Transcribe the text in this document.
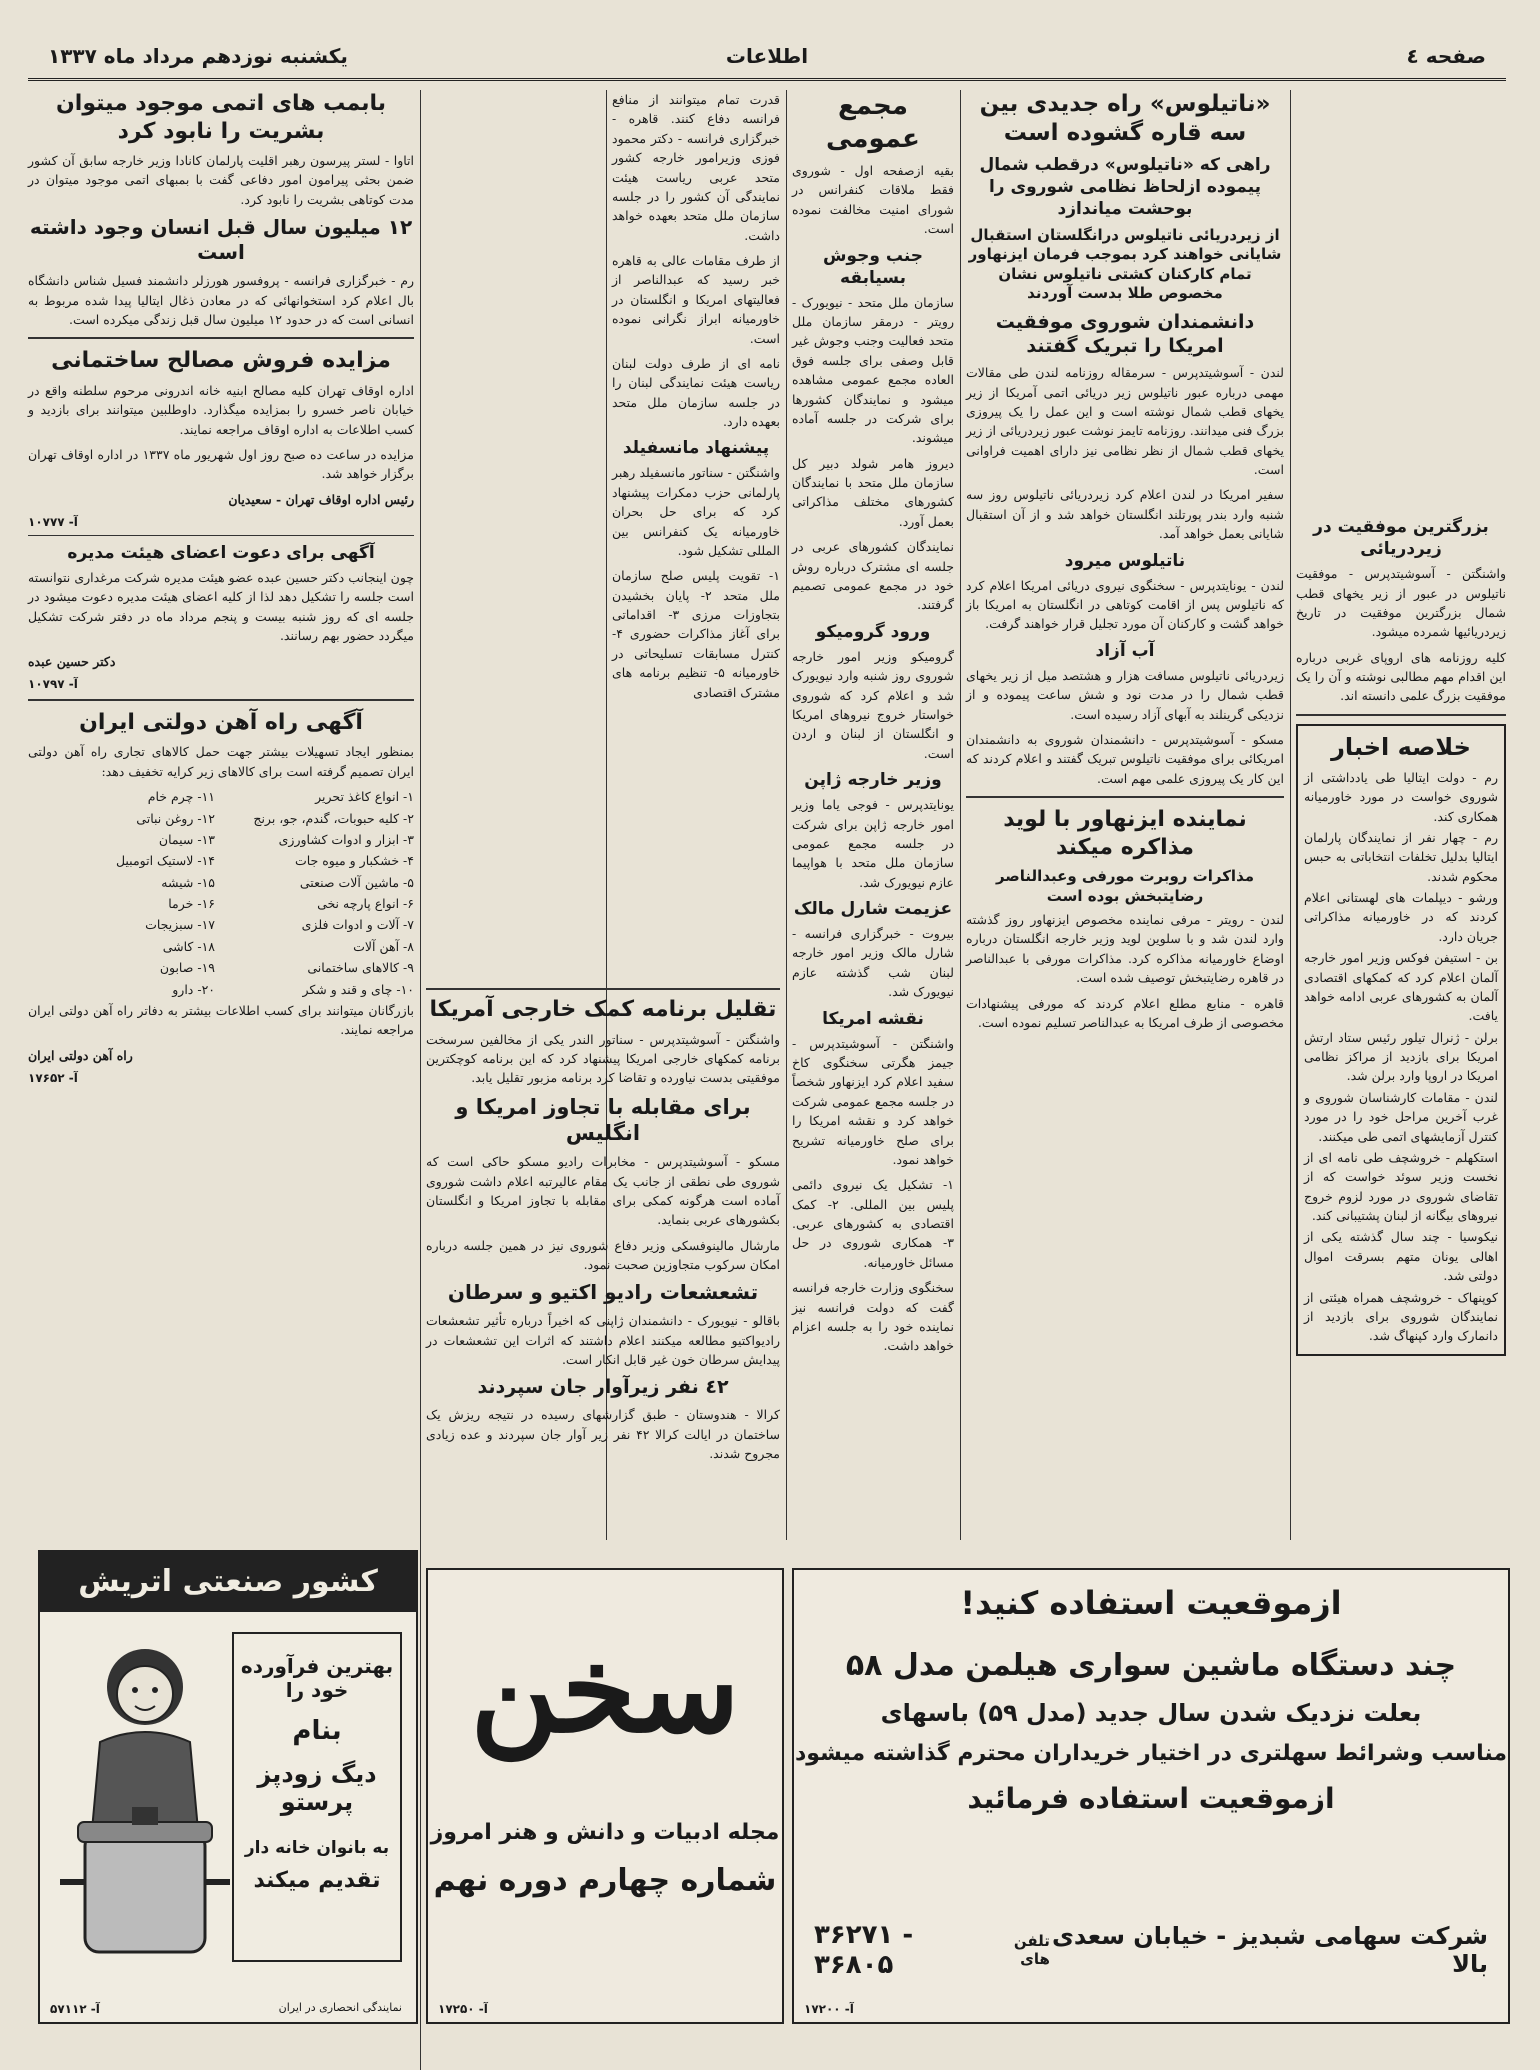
صفحه ٤
اطلاعات
یکشنبه نوزدهم مرداد ماه ۱۳۳۷
بزرگترین موفقیت در زیردریائی

واشنگتن - آسوشیتدپرس - موفقیت ناتیلوس در عبور از زیر یخهای قطب شمال بزرگترین موفقیت در تاریخ زیردریائیها شمرده میشود.

کلیه روزنامه های اروپای غربی درباره این اقدام مهم مطالبی نوشته و آن را یک موفقیت بزرگ علمی دانسته اند.

خلاصه اخبار

رم - دولت ایتالیا طی یادداشتی از شوروی خواست در مورد خاورمیانه همکاری کند.

رم - چهار نفر از نمایندگان پارلمان ایتالیا بدلیل تخلفات انتخاباتی به حبس محکوم شدند.

ورشو - دیپلمات های لهستانی اعلام کردند که در خاورمیانه مذاکراتی جریان دارد.

بن - استیفن فوکس وزیر امور خارجه آلمان اعلام کرد که کمکهای اقتصادی آلمان به کشورهای عربی ادامه خواهد یافت.

برلن - ژنرال تیلور رئیس ستاد ارتش امریکا برای بازدید از مراکز نظامی امریکا در اروپا وارد برلن شد.

لندن - مقامات کارشناسان شوروی و غرب آخرین مراحل خود را در مورد کنترل آزمایشهای اتمی طی میکنند.

استکهلم - خروشچف طی نامه ای از نخست وزیر سوئد خواست که از تقاضای شوروی در مورد لزوم خروج نیروهای بیگانه از لبنان پشتیبانی کند.

نیکوسیا - چند سال گذشته یکی از اهالی یونان متهم بسرقت اموال دولتی شد.

کوپنهاک - خروشچف همراه هیئتی از نمایندگان شوروی برای بازدید از دانمارک وارد کپنهاگ شد.

«ناتیلوس» راه جدیدی بین سه قاره گشوده است
راهی که «ناتیلوس» درقطب شمال پیموده ازلحاظ نظامی شوروی را بوحشت میاندازد
از زیردریائی ناتیلوس درانگلستان استقبال شایانی خواهند کرد بموجب فرمان ایزنهاور تمام کارکنان کشتی ناتیلوس نشان مخصوص طلا بدست آوردند
دانشمندان شوروی موفقیت امریکا را تبریک گفتند

لندن - آسوشیتدپرس - سرمقاله روزنامه لندن طی مقالات مهمی درباره عبور ناتیلوس زیر دریائی اتمی آمریکا از زیر یخهای قطب شمال نوشته است و این عمل را یک پیروزی بزرگ فنی میدانند. روزنامه تایمز نوشت عبور زیردریائی از زیر یخهای قطب شمال از نظر نظامی نیز دارای اهمیت فراوانی است.

سفیر امریکا در لندن اعلام کرد زیردریائی ناتیلوس روز سه شنبه وارد بندر پورتلند انگلستان خواهد شد و از آن استقبال شایانی بعمل خواهد آمد.

ناتیلوس میرود

لندن - یونایتدپرس - سخنگوی نیروی دریائی امریکا اعلام کرد که ناتیلوس پس از اقامت کوتاهی در انگلستان به امریکا باز خواهد گشت و کارکنان آن مورد تجلیل قرار خواهند گرفت.

آب آزاد

زیردریائی ناتیلوس مسافت هزار و هشتصد میل از زیر یخهای قطب شمال را در مدت نود و شش ساعت پیموده و از نزدیکی گرینلند به آبهای آزاد رسیده است.

مسکو - آسوشیتدپرس - دانشمندان شوروی به دانشمندان امریکائی برای موفقیت ناتیلوس تبریک گفتند و اعلام کردند که این کار یک پیروزی علمی مهم است.

نماینده ایزنهاور با لوید مذاکره میکند
مذاکرات روبرت مورفی وعبدالناصر رضایتبخش بوده است

لندن - رویتر - مرفی نماینده مخصوص ایزنهاور روز گذشته وارد لندن شد و با سلوین لوید وزیر خارجه انگلستان درباره اوضاع خاورمیانه مذاکره کرد. مذاکرات مورفی با عبدالناصر در قاهره رضایتبخش توصیف شده است.

قاهره - منابع مطلع اعلام کردند که مورفی پیشنهادات مخصوصی از طرف امریکا به عبدالناصر تسلیم نموده است.

مجمع عمومی

بقیه ازصفحه اول - شوروی فقط ملاقات کنفرانس در شورای امنیت مخالفت نموده است.

جنب وجوش بسیابقه

سازمان ملل متحد - نیویورک - رویتر - درمقر سازمان ملل متحد فعالیت وجنب وجوش غیر قابل وصفی برای جلسه فوق العاده مجمع عمومی مشاهده میشود و نمایندگان کشورها برای شرکت در جلسه آماده میشوند.

دیروز هامر شولد دبیر کل سازمان ملل متحد با نمایندگان کشورهای مختلف مذاکراتی بعمل آورد.

نمایندگان کشورهای عربی در جلسه ای مشترک درباره روش خود در مجمع عمومی تصمیم گرفتند.

ورود گرومیکو

گرومیکو وزیر امور خارجه شوروی روز شنبه وارد نیویورک شد و اعلام کرد که شوروی خواستار خروج نیروهای امریکا و انگلستان از لبنان و اردن است.

وزیر خارجه ژاپن

یونایتدپرس - فوجی یاما وزیر امور خارجه ژاپن برای شرکت در جلسه مجمع عمومی سازمان ملل متحد با هواپیما عازم نیویورک شد.

عزیمت شارل مالک

بیروت - خبرگزاری فرانسه - شارل مالک وزیر امور خارجه لبنان شب گذشته عازم نیویورک شد.

نقشه امریکا

واشنگتن - آسوشیتدپرس - جیمز هگرتی سخنگوی کاخ سفید اعلام کرد ایزنهاور شخصاً در جلسه مجمع عمومی شرکت خواهد کرد و نقشه امریکا را برای صلح خاورمیانه تشریح خواهد نمود.

۱- تشکیل یک نیروی دائمی پلیس بین المللی. ۲- کمک اقتصادی به کشورهای عربی. ۳- همکاری شوروی در حل مسائل خاورمیانه.

سخنگوی وزارت خارجه فرانسه گفت که دولت فرانسه نیز نماینده خود را به جلسه اعزام خواهد داشت.

قدرت تمام میتوانند از منافع فرانسه دفاع کنند. قاهره - خبرگزاری فرانسه - دکتر محمود فوزی وزیرامور خارجه کشور متحد عربی ریاست هیئت نمایندگی آن کشور را در جلسه سازمان ملل متحد بعهده خواهد داشت.

از طرف مقامات عالی به قاهره خبر رسید که عبدالناصر از فعالیتهای امریکا و انگلستان در خاورمیانه ابراز نگرانی نموده است.

نامه ای از طرف دولت لبنان ریاست هیئت نمایندگی لبنان را در جلسه سازمان ملل متحد بعهده دارد.

پیشنهاد مانسفیلد

واشنگتن - سناتور مانسفیلد رهبر پارلمانی حزب دمکرات پیشنهاد کرد که برای حل بحران خاورمیانه یک کنفرانس بین المللی تشکیل شود.

۱- تقویت پلیس صلح سازمان ملل متحد ۲- پایان بخشیدن بتجاوزات مرزی ۳- اقداماتی برای آغاز مذاکرات حضوری ۴- کنترل مسابقات تسلیحاتی در خاورمیانه ۵- تنظیم برنامه های مشترک اقتصادی

تقلیل برنامه کمک خارجی آمریکا

واشنگتن - آسوشیتدپرس - سناتور الندر یکی از مخالفین سرسخت برنامه کمکهای خارجی امریکا پیشنهاد کرد که این برنامه کوچکترین موفقیتی بدست نیاورده و تقاضا کرد برنامه مزبور تقلیل یابد.

برای مقابله با تجاوز امریکا و انگلیس

مسکو - آسوشیتدپرس - مخابرات رادیو مسکو حاکی است که شوروی طی نطقی از جانب یک مقام عالیرتبه اعلام داشت شوروی آماده است هرگونه کمکی برای مقابله با تجاوز امریکا و انگلستان بکشورهای عربی بنماید.

مارشال مالینوفسکی وزیر دفاع شوروی نیز در همین جلسه درباره امکان سرکوب متجاوزین صحبت نمود.

تشعشعات رادیو اکتیو و سرطان

باقالو - نیویورک - دانشمندان ژاپنی که اخیراً درباره تأثیر تشعشعات رادیواکتیو مطالعه میکنند اعلام داشتند که اثرات این تشعشعات در پیدایش سرطان خون غیر قابل انکار است.

٤٢ نفر زیرآوار جان سپردند

کرالا - هندوستان - طبق گزارشهای رسیده در نتیجه ریزش یک ساختمان در ایالت کرالا ۴۲ نفر زیر آوار جان سپردند و عده زیادی مجروح شدند.

بابمب های اتمی موجود میتوان بشریت را نابود کرد

اتاوا - لستر پیرسون رهبر اقلیت پارلمان کانادا وزیر خارجه سابق آن کشور ضمن بحثی پیرامون امور دفاعی گفت با بمبهای اتمی موجود میتوان در مدت کوتاهی بشریت را نابود کرد.

۱۲ میلیون سال قبل انسان وجود داشته است

رم - خبرگزاری فرانسه - پروفسور هورزلر دانشمند فسیل شناس دانشگاه بال اعلام کرد استخوانهائی که در معادن ذغال ایتالیا پیدا شده مربوط به انسانی است که در حدود ۱۲ میلیون سال قبل زندگی میکرده است.

مزایده فروش مصالح ساختمانی

اداره اوقاف تهران کلیه مصالح ابنیه خانه اندرونی مرحوم سلطنه واقع در خیابان ناصر خسرو را بمزایده میگذارد. داوطلبین میتوانند برای بازدید و کسب اطلاعات به اداره اوقاف مراجعه نمایند.

مزایده در ساعت ده صبح روز اول شهریور ماه ۱۳۳۷ در اداره اوقاف تهران برگزار خواهد شد.

رئیس اداره اوقاف تهران - سعیدیان

۱۰۷۷۷ -آ
آگهی برای دعوت اعضای هیئت مدیره

چون اینجانب دکتر حسین عبده عضو هیئت مدیره شرکت مرغداری نتوانسته است جلسه را تشکیل دهد لذا از کلیه اعضای هیئت مدیره دعوت میشود در جلسه ای که روز شنبه بیست و پنجم مرداد ماه در دفتر شرکت تشکیل میگردد حضور بهم رسانند.

دکتر حسین عبده

۱۰۷۹۷ -آ
آگهی راه آهن دولتی ایران

بمنظور ایجاد تسهیلات بیشتر جهت حمل کالاهای تجاری راه آهن دولتی ایران تصمیم گرفته است برای کالاهای زیر کرایه تخفیف دهد:

۱- انواع کاغذ تحریر

۲- کلیه حبوبات، گندم، جو، برنج

۳- ابزار و ادوات کشاورزی

۴- خشکبار و میوه جات

۵- ماشین آلات صنعتی

۶- انواع پارچه نخی

۷- آلات و ادوات فلزی

۸- آهن آلات

۹- کالاهای ساختمانی

۱۰- چای و قند و شکر

۱۱- چرم خام

۱۲- روغن نباتی

۱۳- سیمان

۱۴- لاستیک اتومبیل

۱۵- شیشه

۱۶- خرما

۱۷- سبزیجات

۱۸- کاشی

۱۹- صابون

۲۰- دارو

بازرگانان میتوانند برای کسب اطلاعات بیشتر به دفاتر راه آهن دولتی ایران مراجعه نمایند.

راه آهن دولتی ایران

۱۷۶۵۲ -آ
کشور صنعتی اتریش
بهترین فرآورده خود را
بنام
دیگ زودپز پرستو
به بانوان خانه دار
تقدیم میکند
نمایندگی انحصاری در ایران
۵۷۱۱۲ -آ
سخن
مجله ادبیات و دانش و هنر امروز
شماره چهارم دوره نهم
۱۷۲۵۰ -آ
ازموقعیت استفاده کنید!
چند دستگاه ماشین سواری هیلمن مدل ۵۸
بعلت نزدیک شدن سال جدید (مدل ۵۹) باسهای
مناسب وشرائط سهلتری در اختیار خریداران محترم گذاشته میشود
ازموقعیت استفاده فرمائید
شرکت سهامی شبدیز - خیابان سعدی بالا
تلفن های
۳۶۲۷۱ - ۳۶۸۰۵
۱۷۲۰۰ -آ
